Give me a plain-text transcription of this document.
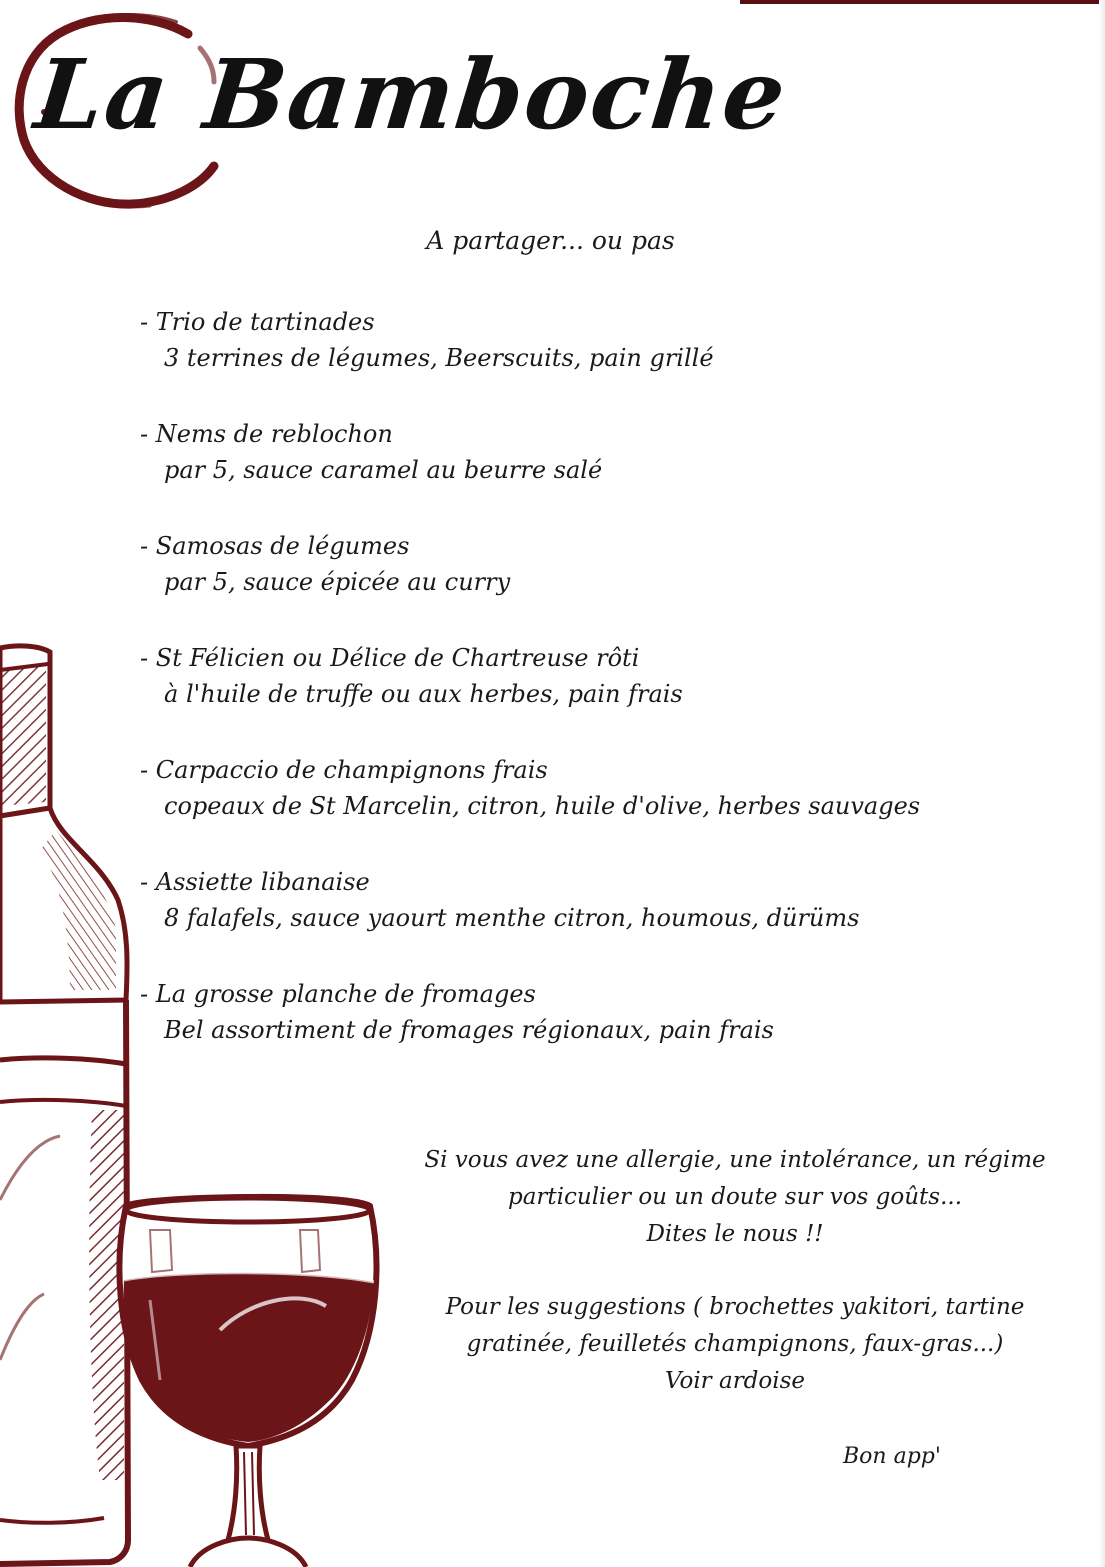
La Bamboche
A partager... ou pas
- Trio de tartinades
3 terrines de légumes, Beerscuits, pain grillé
- Nems de reblochon
par 5, sauce caramel au beurre salé
- Samosas de légumes
par 5, sauce épicée au curry
- St Félicien ou Délice de Chartreuse rôti
à l'huile de truffe ou aux herbes, pain frais
- Carpaccio de champignons frais
copeaux de St Marcelin, citron, huile d'olive, herbes sauvages
- Assiette libanaise
8 falafels, sauce yaourt menthe citron, houmous, dürüms
- La grosse planche de fromages
Bel assortiment de fromages régionaux, pain frais

Si vous avez une allergie, une intolérance, un régime

particulier ou un doute sur vos goûts...

Dites le nous !!

Pour les suggestions ( brochettes yakitori, tartine

gratinée, feuilletés champignons, faux-gras...)

Voir ardoise

Bon app'
